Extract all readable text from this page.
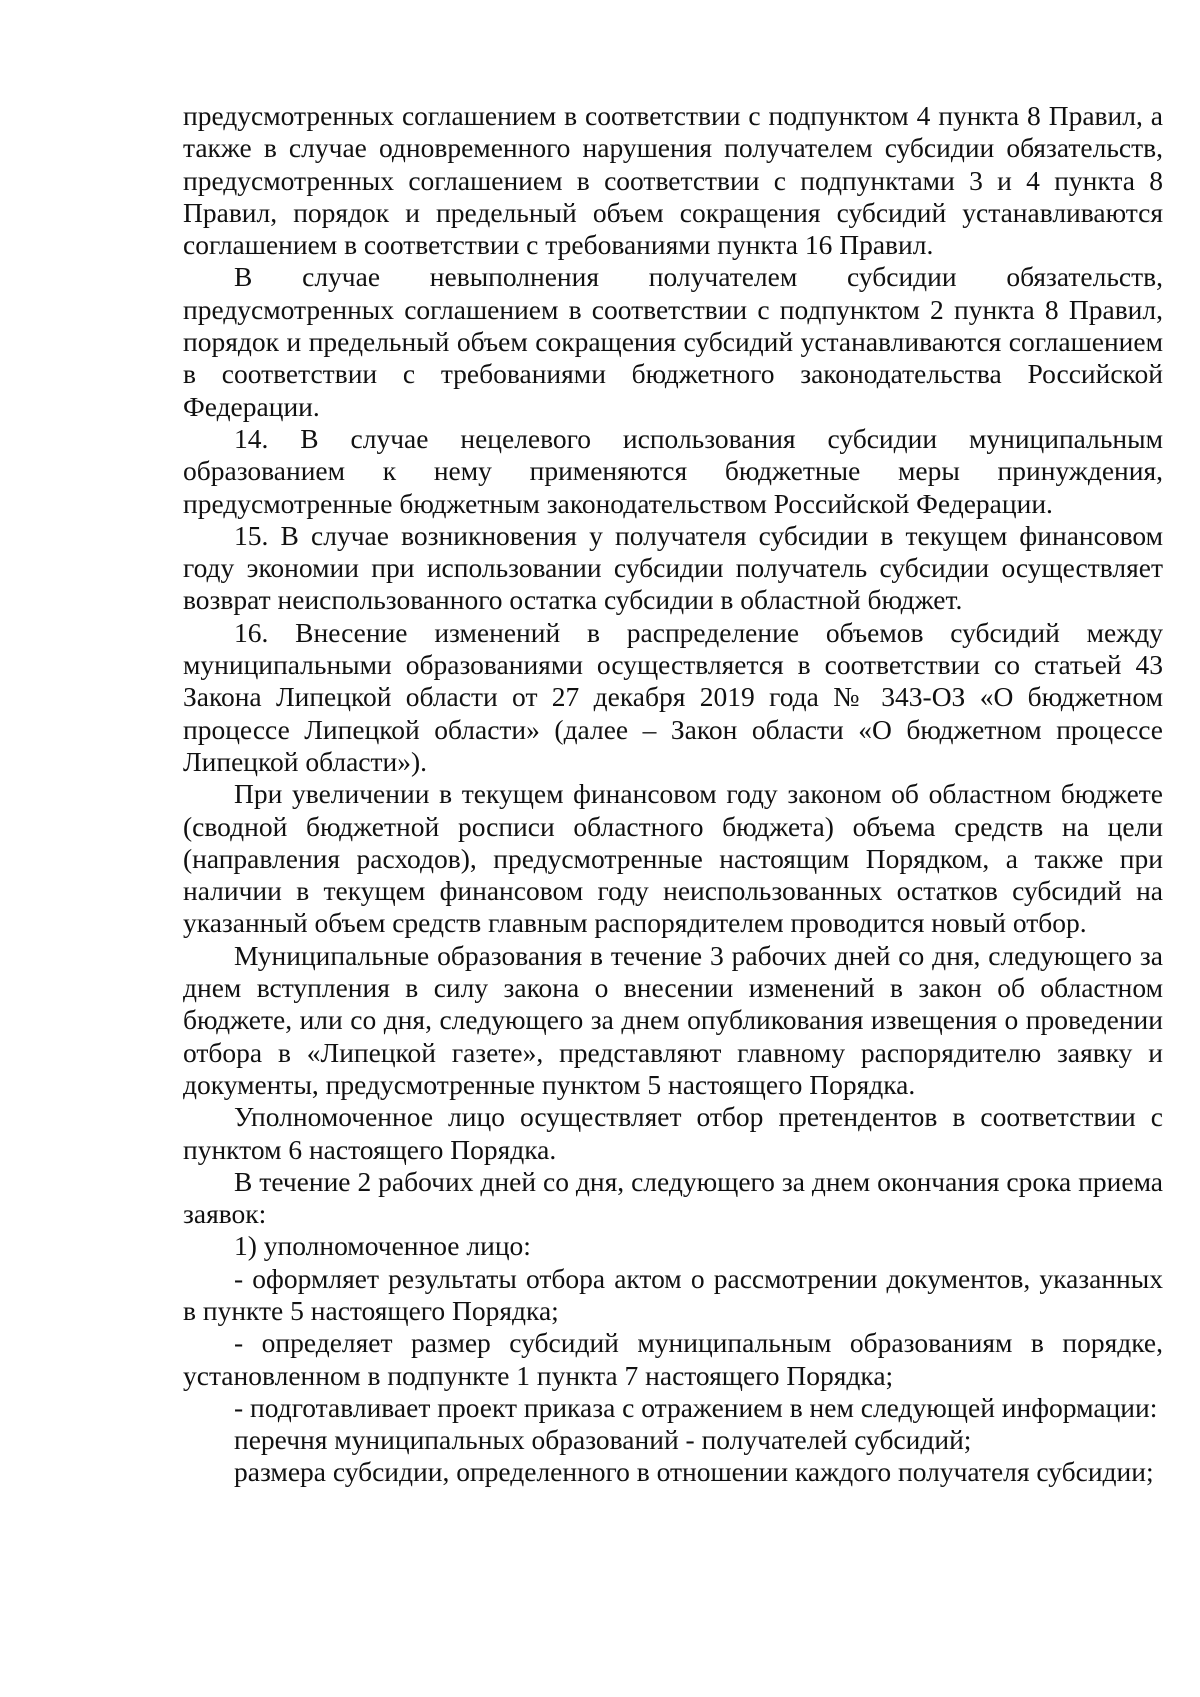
предусмотренных соглашением в соответствии с подпунктом 4 пункта 8 Правил, а также в случае одновременного нарушения получателем субсидии обязательств, предусмотренных соглашением в соответствии с подпунктами 3 и 4 пункта 8 Правил, порядок и предельный объем сокращения субсидий устанавливаются соглашением в соответствии с требованиями пункта 16 Правил.

В случае невыполнения получателем субсидии обязательств, предусмотренных соглашением в соответствии с подпунктом 2 пункта 8 Правил, порядок и предельный объем сокращения субсидий устанавливаются соглашением в соответствии с требованиями бюджетного законодательства Российской Федерации.

14. В случае нецелевого использования субсидии муниципальным образованием к нему применяются бюджетные меры принуждения, предусмотренные бюджетным законодательством Российской Федерации.

15. В случае возникновения у получателя субсидии в текущем финансовом году экономии при использовании субсидии получатель субсидии осуществляет возврат неиспользованного остатка субсидии в областной бюджет.

16. Внесение изменений в распределение объемов субсидий между муниципальными образованиями осуществляется в соответствии со статьей 43 Закона Липецкой области от 27 декабря 2019 года № 343-ОЗ «О бюджетном процессе Липецкой области» (далее – Закон области «О бюджетном процессе Липецкой области»).

При увеличении в текущем финансовом году законом об областном бюджете (сводной бюджетной росписи областного бюджета) объема средств на цели (направления расходов), предусмотренные настоящим Порядком, а также при наличии в текущем финансовом году неиспользованных остатков субсидий на указанный объем средств главным распорядителем проводится новый отбор.

Муниципальные образования в течение 3 рабочих дней со дня, следующего за днем вступления в силу закона о внесении изменений в закон об областном бюджете, или со дня, следующего за днем опубликования извещения о проведении отбора в «Липецкой газете», представляют главному распорядителю заявку и документы, предусмотренные пунктом 5 настоящего Порядка.

Уполномоченное лицо осуществляет отбор претендентов в соответствии с пунктом 6 настоящего Порядка.

В течение 2 рабочих дней со дня, следующего за днем окончания срока приема заявок:

1) уполномоченное лицо:

- оформляет результаты отбора актом о рассмотрении документов, указанных в пункте 5 настоящего Порядка;

- определяет размер субсидий муниципальным образованиям в порядке, установленном в подпункте 1 пункта 7 настоящего Порядка;

- подготавливает проект приказа с отражением в нем следующей информации:

перечня муниципальных образований - получателей субсидий;

размера субсидии, определенного в отношении каждого получателя субсидии;
